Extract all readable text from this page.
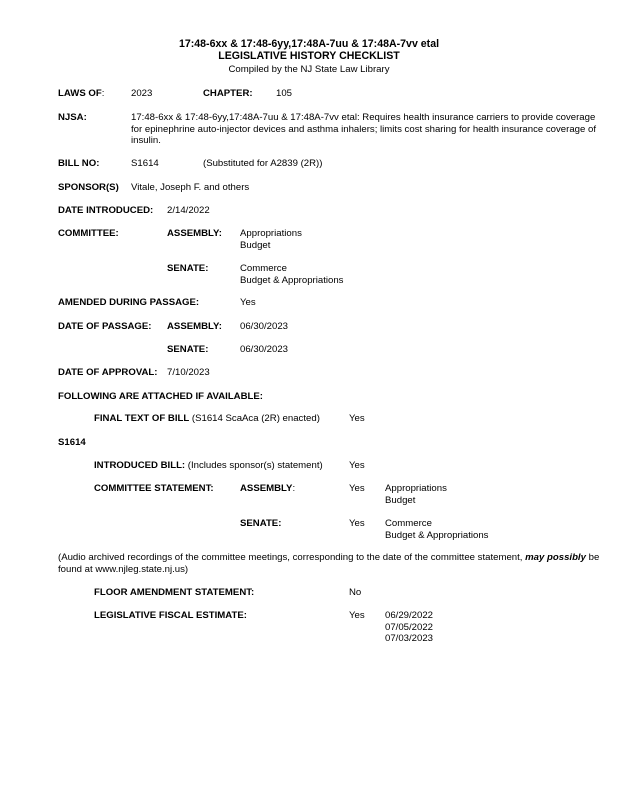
17:48-6xx & 17:48-6yy,17:48A-7uu & 17:48A-7vv etal
LEGISLATIVE HISTORY CHECKLIST
Compiled by the NJ State Law Library
LAWS OF:	2023	CHAPTER: 105
NJSA:	17:48-6xx & 17:48-6yy,17:48A-7uu & 17:48A-7vv etal: Requires health insurance carriers to provide coverage for epinephrine auto-injector devices and asthma inhalers; limits cost sharing for health insurance coverage of insulin.
BILL NO:	S1614	(Substituted for A2839 (2R))
SPONSOR(S) Vitale, Joseph F. and others
DATE INTRODUCED: 2/14/2022
COMMITTEE:	ASSEMBLY: Appropriations
Budget
SENATE:	Commerce
Budget & Appropriations
AMENDED DURING PASSAGE:	Yes
DATE OF PASSAGE: ASSEMBLY: 06/30/2023
SENATE:	06/30/2023
DATE OF APPROVAL: 7/10/2023
FOLLOWING ARE ATTACHED IF AVAILABLE:
FINAL TEXT OF BILL (S1614 ScaAca (2R) enacted)	Yes
S1614
INTRODUCED BILL: (Includes sponsor(s) statement)	Yes
COMMITTEE STATEMENT:	ASSEMBLY:	Yes Appropriations
Budget
SENATE:	Yes Commerce
Budget & Appropriations
(Audio archived recordings of the committee meetings, corresponding to the date of the committee statement, may possibly be found at www.njleg.state.nj.us)
FLOOR AMENDMENT STATEMENT:	No
LEGISLATIVE FISCAL ESTIMATE:	Yes 06/29/2022
07/05/2022
07/03/2023
